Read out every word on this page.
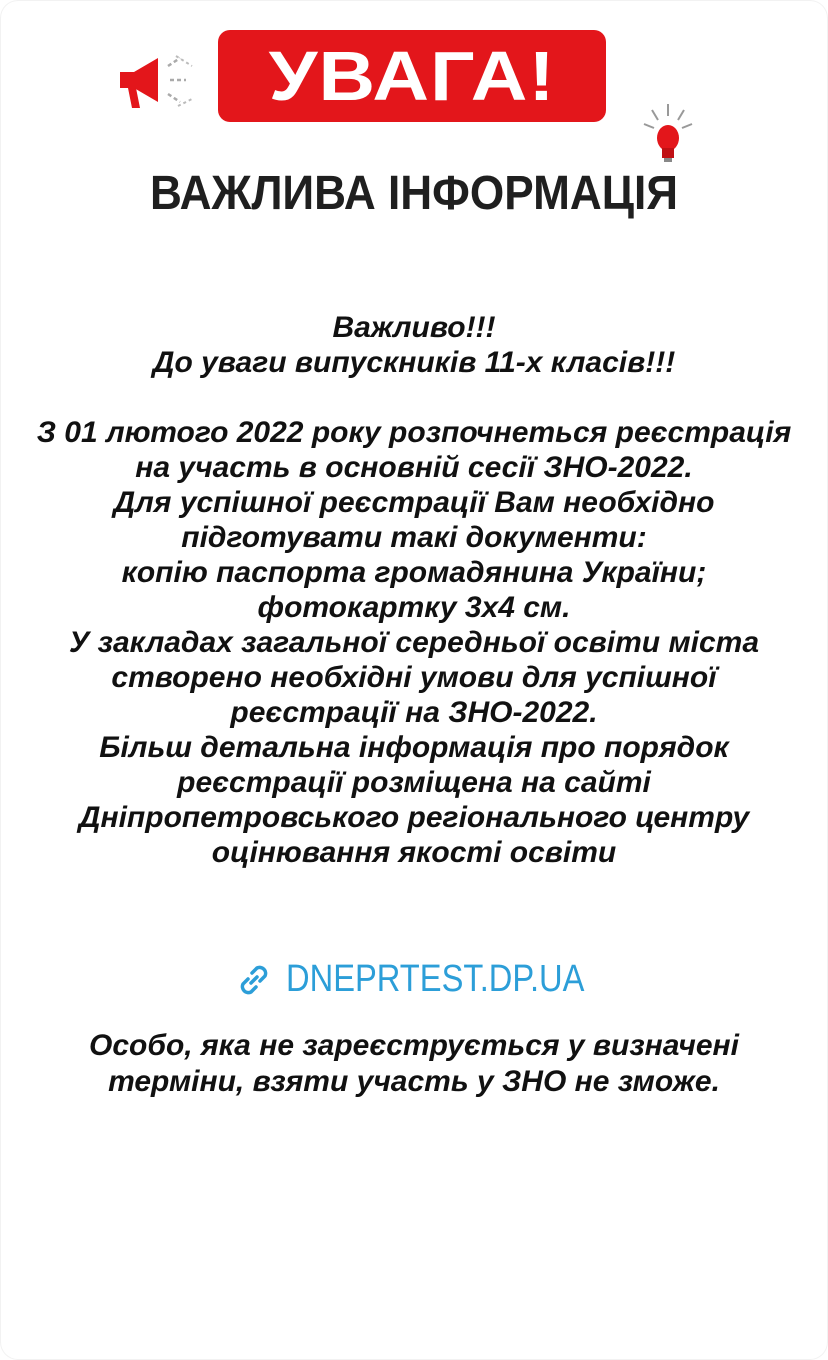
УВАГА!
ВАЖЛИВА ІНФОРМАЦІЯ

Важливо!!!

До уваги випускників 11-х класів!!!

З 01 лютого 2022 року розпочнеться реєстрація

на участь в основній сесії ЗНО-2022.

Для успішної реєстрації Вам необхідно

підготувати такі документи:

копію паспорта громадянина України;

фотокартку 3х4 см.

У закладах загальної середньої освіти міста

створено необхідні умови для успішної

реєстрації на ЗНО-2022.

Більш детальна інформація про порядок

реєстрації розміщена на сайті

Дніпропетровського регіонального центру

оцінювання якості освіти

DNEPRTEST.DP.UA

Особо, яка не зареєструється у визначені

терміни, взяти участь у ЗНО не зможе.
